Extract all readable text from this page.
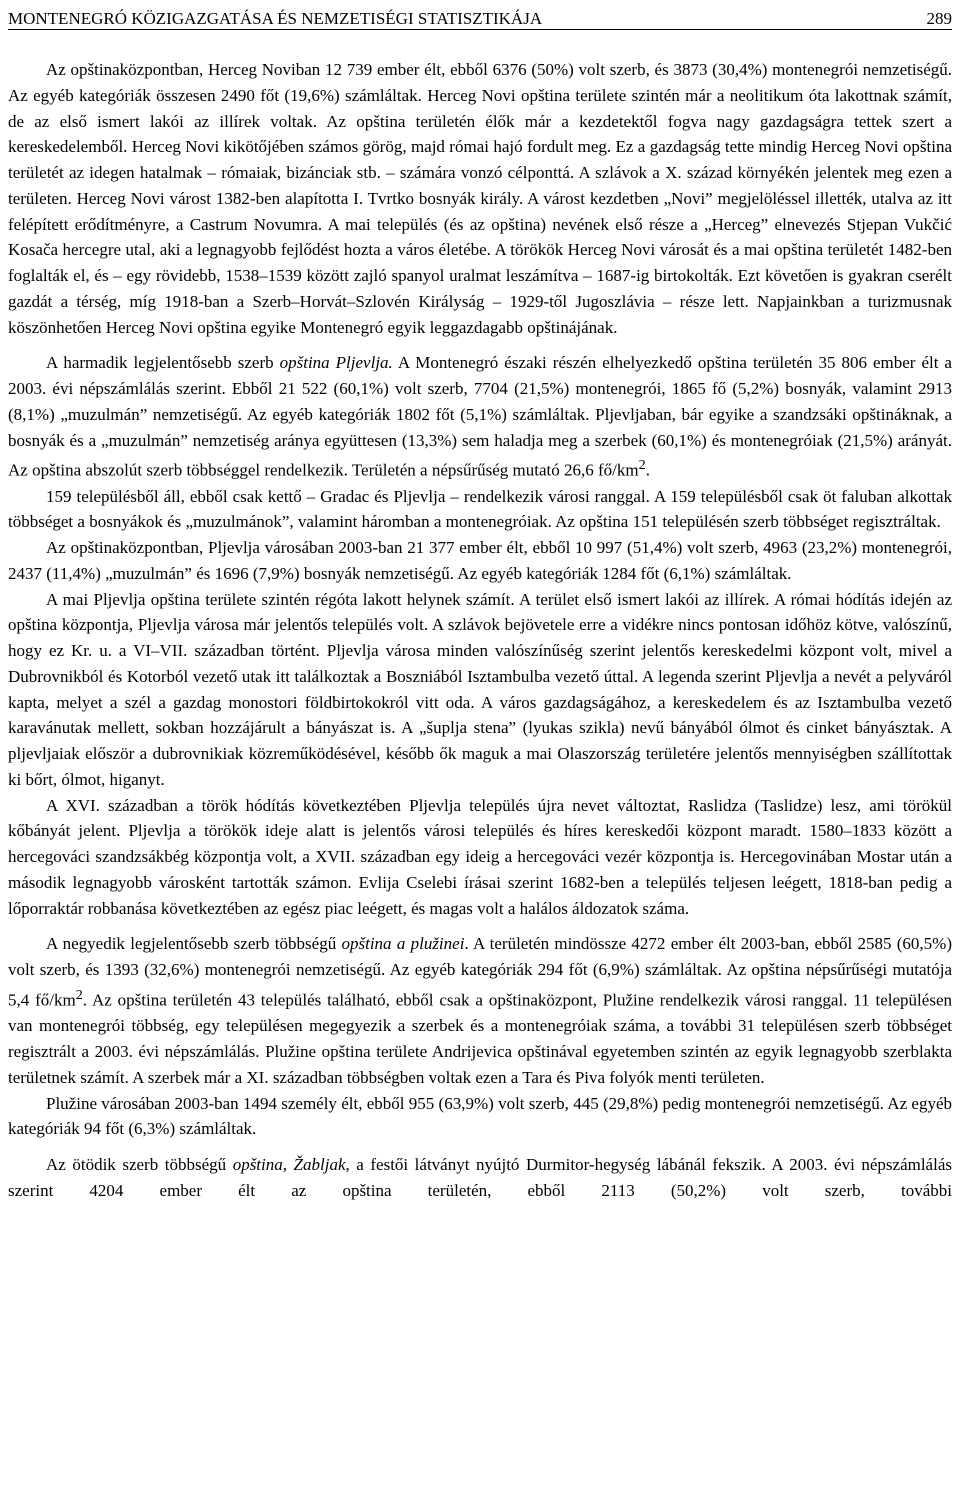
MONTENEGRÓ KÖZIGAZGATÁSA ÉS NEMZETISÉGI STATISZTIKÁJA	289

Az opštinaközpontban, Herceg Noviban 12 739 ember élt, ebből 6376 (50%) volt szerb, és 3873 (30,4%) montenegrói nemzetiségű. Az egyéb kategóriák összesen 2490 főt (19,6%) számláltak. Herceg Novi opština területe szintén már a neolitikum óta lakottnak számít, de az első ismert lakói az illírek voltak. Az opština területén élők már a kezdetektől fogva nagy gazdagságra tettek szert a kereskedelemből. Herceg Novi kikötőjében számos görög, majd római hajó fordult meg. Ez a gazdagság tette mindig Herceg Novi opština területét az idegen hatalmak – rómaiak, bizánciak stb. – számára vonzó célponttá. A szlávok a X. század környékén jelentek meg ezen a területen. Herceg Novi várost 1382-ben alapította I. Tvrtko bosnyák király. A várost kezdetben „Novi” megjelöléssel illették, utalva az itt felépített erődítményre, a Castrum Novumra. A mai település (és az opština) nevének első része a „Herceg” elnevezés Stjepan Vukčić Kosača hercegre utal, aki a legnagyobb fejlődést hozta a város életébe. A törökök Herceg Novi városát és a mai opština területét 1482-ben foglalták el, és – egy rövidebb, 1538–1539 között zajló spanyol uralmat leszámítva – 1687-ig birtokolták. Ezt követően is gyakran cserélt gazdát a térség, míg 1918-ban a Szerb–Horvát–Szlovén Királyság – 1929-től Jugoszlávia – része lett. Napjainkban a turizmusnak köszönhetően Herceg Novi opština egyike Montenegró egyik leggazdagabb opštinájának.

A harmadik legjelentősebb szerb opština Pljevlja. A Montenegró északi részén elhelyezkedő opština területén 35 806 ember élt a 2003. évi népszámlálás szerint. Ebből 21 522 (60,1%) volt szerb, 7704 (21,5%) montenegrói, 1865 fő (5,2%) bosnyák, valamint 2913 (8,1%) „muzulmán” nemzetiségű. Az egyéb kategóriák 1802 főt (5,1%) számláltak. Pljevljaban, bár egyike a szandzsáki opštináknak, a bosnyák és a „muzulmán” nemzetiség aránya együttesen (13,3%) sem haladja meg a szerbek (60,1%) és montenegróiak (21,5%) arányát. Az opština abszolút szerb többséggel rendelkezik. Területén a népsűrűség mutató 26,6 $fő/km^2$.

159 településből áll, ebből csak kettő – Gradac és Pljevlja – rendelkezik városi ranggal. A 159 településből csak öt faluban alkottak többséget a bosnyákok és „muzulmánok”, valamint háromban a montenegróiak. Az opština 151 településén szerb többséget regisztráltak.

Az opštinaközpontban, Pljevlja városában 2003-ban 21 377 ember élt, ebből 10 997 (51,4%) volt szerb, 4963 (23,2%) montenegrói, 2437 (11,4%) „muzulmán” és 1696 (7,9%) bosnyák nemzetiségű. Az egyéb kategóriák 1284 főt (6,1%) számláltak.

A mai Pljevlja opština területe szintén régóta lakott helynek számít. A terület első ismert lakói az illírek. A római hódítás idején az opština központja, Pljevlja városa már jelentős település volt. A szlávok bejövetele erre a vidékre nincs pontosan időhöz kötve, valószínű, hogy ez Kr. u. a VI–VII. században történt. Pljevlja városa minden valószínűség szerint jelentős kereskedelmi központ volt, mivel a Dubrovnikból és Kotorból vezető utak itt találkoztak a Boszniából Isztambulba vezető úttal. A legenda szerint Pljevlja a nevét a pelyváról kapta, melyet a szél a gazdag monostori földbirtokokról vitt oda. A város gazdagságához, a kereskedelem és az Isztambulba vezető karavánutak mellett, sokban hozzájárult a bányászat is. A „šuplja stena” (lyukas szikla) nevű bányából ólmot és cinket bányásztak. A pljevljaiak először a dubrovnikiak közreműködésével, később ők maguk a mai Olaszország területére jelentős mennyiségben szállítottak ki bőrt, ólmot, higanyt.

A XVI. században a török hódítás következtében Pljevlja település újra nevet változtat, Raslidza (Taslidze) lesz, ami törökül kőbányát jelent. Pljevlja a törökök ideje alatt is jelentős városi település és híres kereskedői központ maradt. 1580–1833 között a hercegováci szandzsákbég központja volt, a XVII. században egy ideig a hercegováci vezér központja is. Hercegovinában Mostar után a második legnagyobb városként tartották számon. Evlija Cselebi írásai szerint 1682-ben a település teljesen leégett, 1818-ban pedig a lőporraktár robbanása következtében az egész piac leégett, és magas volt a halálos áldozatok száma.

A negyedik legjelentősebb szerb többségű opština a plužinei. A területén mindössze 4272 ember élt 2003-ban, ebből 2585 (60,5%) volt szerb, és 1393 (32,6%) montenegrói nemzetiségű. Az egyéb kategóriák 294 főt (6,9%) számláltak. Az opština népsűrűségi mutatója 5,4 $fő/km^2$. Az opština területén 43 település található, ebből csak a opštinaközpont, Plužine rendelkezik városi ranggal. 11 településen van montenegrói többség, egy településen megegyezik a szerbek és a montenegróiak száma, a további 31 településen szerb többséget regisztrált a 2003. évi népszámlálás. Plužine opština területe Andrijevica opštinával egyetemben szintén az egyik legnagyobb szerblakta területnek számít. A szerbek már a XI. században többségben voltak ezen a Tara és Piva folyók menti területen.

Plužine városában 2003-ban 1494 személy élt, ebből 955 (63,9%) volt szerb, 445 (29,8%) pedig montenegrói nemzetiségű. Az egyéb kategóriák 94 főt (6,3%) számláltak.

Az ötödik szerb többségű opština, Žabljak, a festői látványt nyújtó Durmitor-hegység lábánál fekszik. A 2003. évi népszámlálás szerint 4204 ember élt az opština területén, ebből 2113 (50,2%) volt szerb, további
